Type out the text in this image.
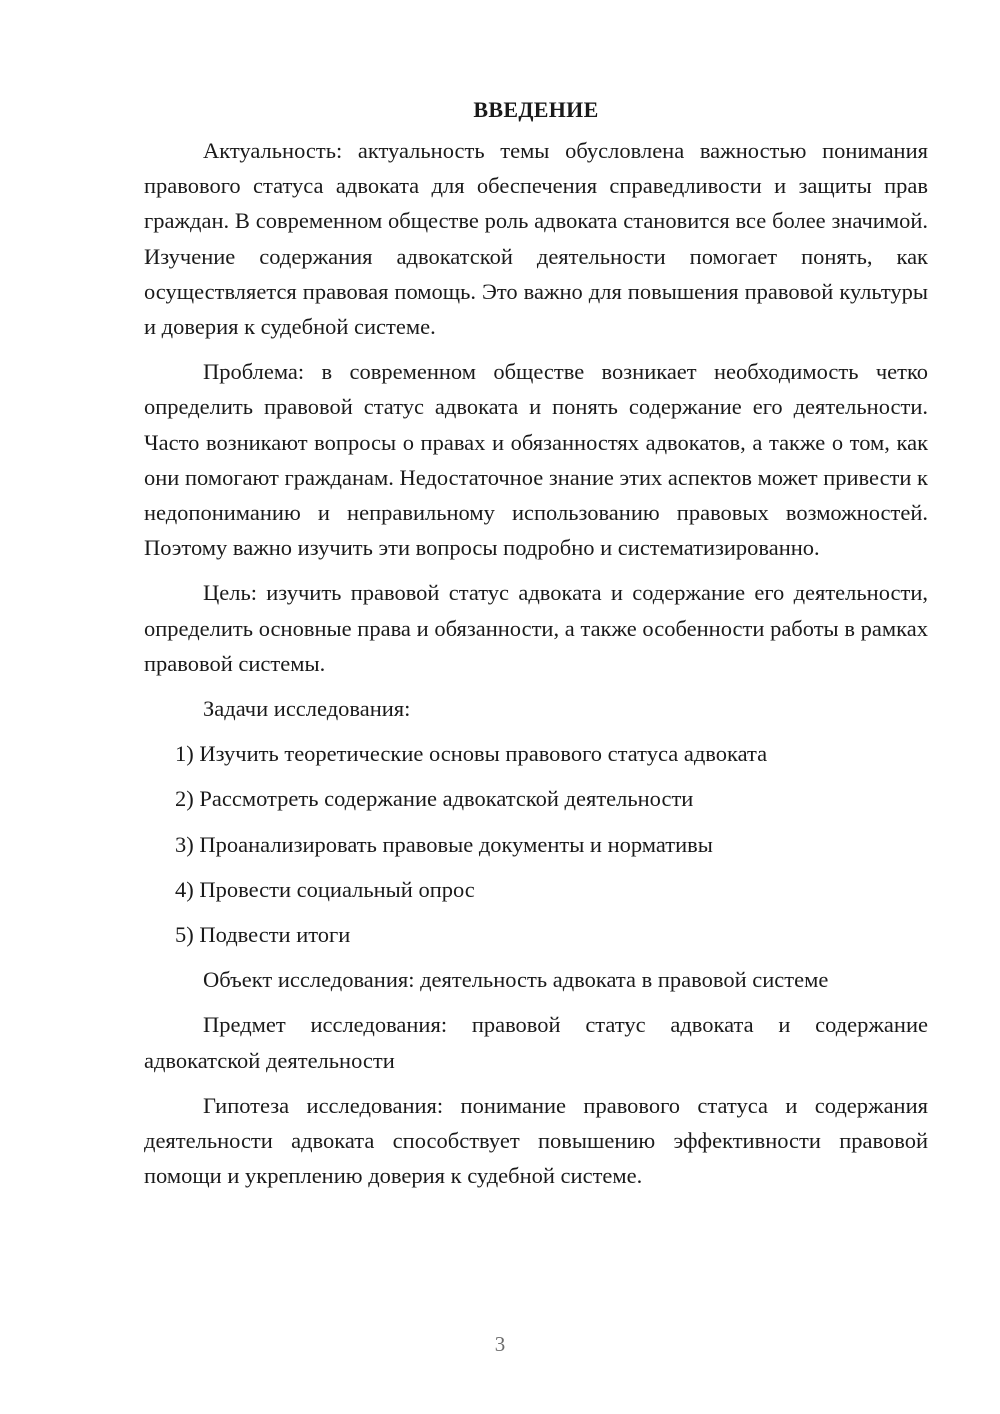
ВВЕДЕНИЕ

Актуальность: актуальность темы обусловлена важностью понимания правового статуса адвоката для обеспечения справедливости и защиты прав граждан. В современном обществе роль адвоката становится все более значимой. Изучение содержания адвокатской деятельности помогает понять, как осуществляется правовая помощь. Это важно для повышения правовой культуры и доверия к судебной системе.

Проблема: в современном обществе возникает необходимость четко определить правовой статус адвоката и понять содержание его деятельности. Часто возникают вопросы о правах и обязанностях адвокатов, а также о том, как они помогают гражданам. Недостаточное знание этих аспектов может привести к недопониманию и неправильному использованию правовых возможностей. Поэтому важно изучить эти вопросы подробно и систематизированно.

Цель: изучить правовой статус адвоката и содержание его деятельности, определить основные права и обязанности, а также особенности работы в рамках правовой системы.

Задачи исследования:

1) Изучить теоретические основы правового статуса адвоката
2) Рассмотреть содержание адвокатской деятельности
3) Проанализировать правовые документы и нормативы
4) Провести социальный опрос
5) Подвести итоги

Объект исследования: деятельность адвоката в правовой системе

Предмет исследования: правовой статус адвоката и содержание адвокатской деятельности

Гипотеза исследования: понимание правового статуса и содержания деятельности адвоката способствует повышению эффективности правовой помощи и укреплению доверия к судебной системе.

3
